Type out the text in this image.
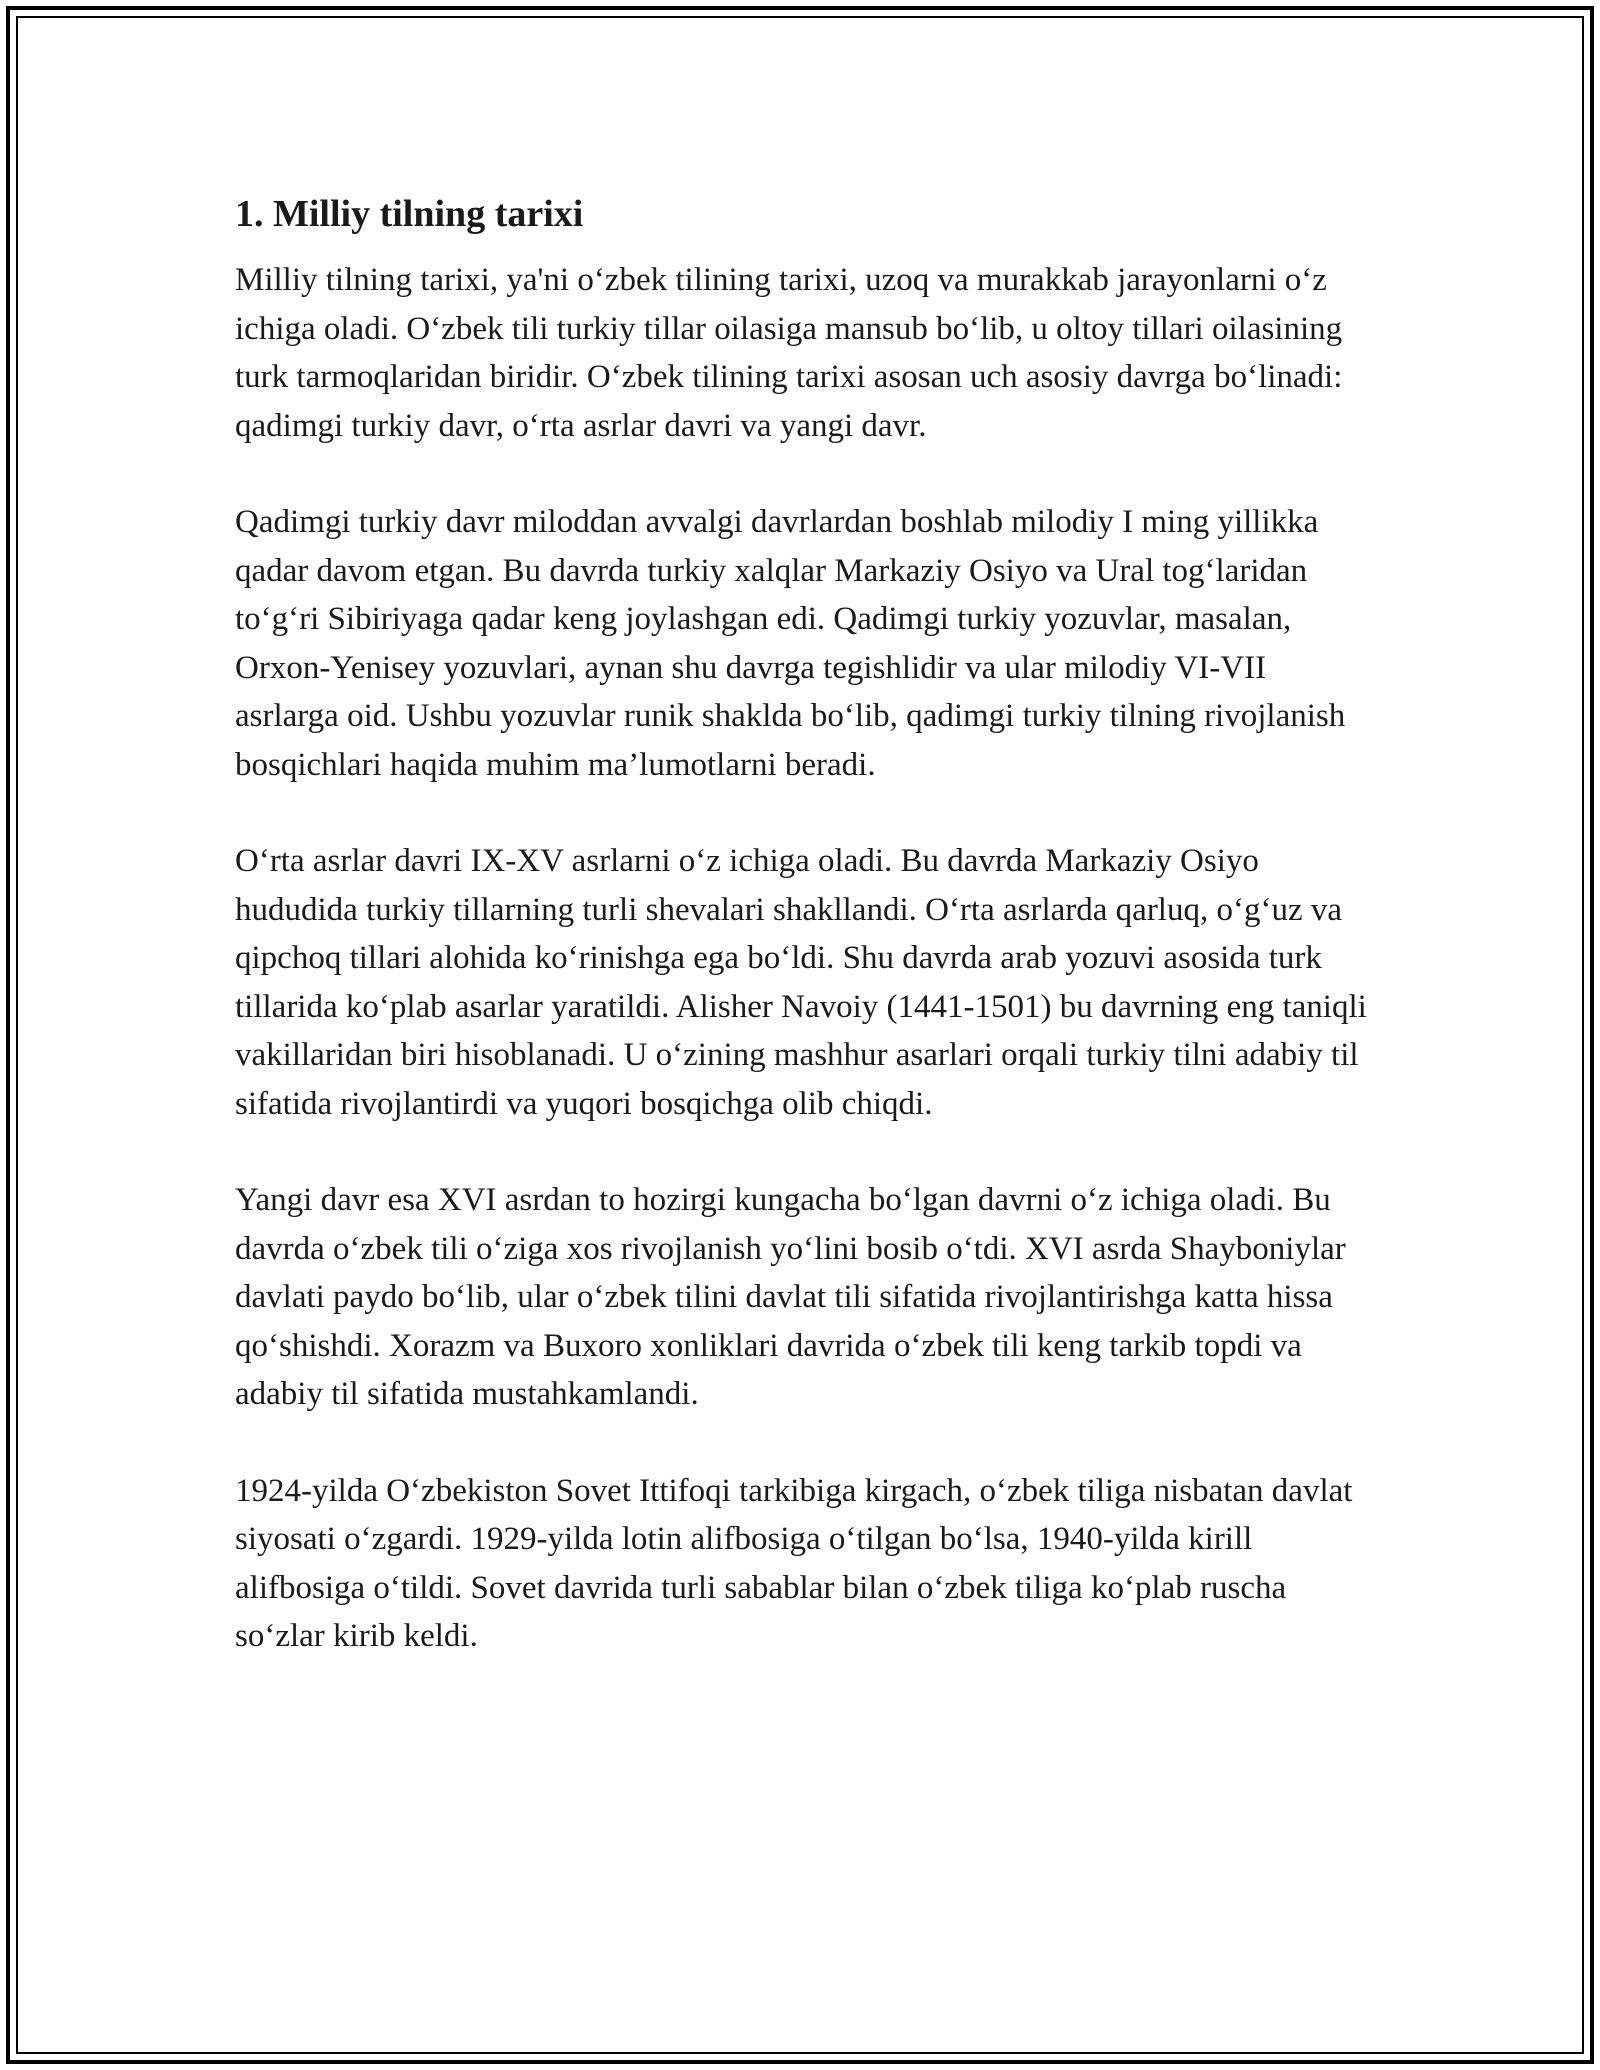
1. Milliy tilning tarixi

Milliy tilning tarixi, ya'ni o‘zbek tilining tarixi, uzoq va murakkab jarayonlarni o‘z ichiga oladi. O‘zbek tili turkiy tillar oilasiga mansub bo‘lib, u oltoy tillari oilasining turk tarmoqlaridan biridir. O‘zbek tilining tarixi asosan uch asosiy davrga bo‘linadi: qadimgi turkiy davr, o‘rta asrlar davri va yangi davr.

Qadimgi turkiy davr miloddan avvalgi davrlardan boshlab milodiy I ming yillikka qadar davom etgan. Bu davrda turkiy xalqlar Markaziy Osiyo va Ural tog‘laridan to‘g‘ri Sibiriyaga qadar keng joylashgan edi. Qadimgi turkiy yozuvlar, masalan, Orxon-Yenisey yozuvlari, aynan shu davrga tegishlidir va ular milodiy VI-VII asrlarga oid. Ushbu yozuvlar runik shaklda bo‘lib, qadimgi turkiy tilning rivojlanish bosqichlari haqida muhim ma’lumotlarni beradi.

O‘rta asrlar davri IX-XV asrlarni o‘z ichiga oladi. Bu davrda Markaziy Osiyo hududida turkiy tillarning turli shevalari shakllandi. O‘rta asrlarda qarluq, o‘g‘uz va qipchoq tillari alohida ko‘rinishga ega bo‘ldi. Shu davrda arab yozuvi asosida turk tillarida ko‘plab asarlar yaratildi. Alisher Navoiy (1441-1501) bu davrning eng taniqli vakillaridan biri hisoblanadi. U o‘zining mashhur asarlari orqali turkiy tilni adabiy til sifatida rivojlantirdi va yuqori bosqichga olib chiqdi.

Yangi davr esa XVI asrdan to hozirgi kungacha bo‘lgan davrni o‘z ichiga oladi. Bu davrda o‘zbek tili o‘ziga xos rivojlanish yo‘lini bosib o‘tdi. XVI asrda Shayboniylar davlati paydo bo‘lib, ular o‘zbek tilini davlat tili sifatida rivojlantirishga katta hissa qo‘shishdi. Xorazm va Buxoro xonliklari davrida o‘zbek tili keng tarkib topdi va adabiy til sifatida mustahkamlandi.

1924-yilda O‘zbekiston Sovet Ittifoqi tarkibiga kirgach, o‘zbek tiliga nisbatan davlat siyosati o‘zgardi. 1929-yilda lotin alifbosiga o‘tilgan bo‘lsa, 1940-yilda kirill alifbosiga o‘tildi. Sovet davrida turli sabablar bilan o‘zbek tiliga ko‘plab ruscha so‘zlar kirib keldi.
